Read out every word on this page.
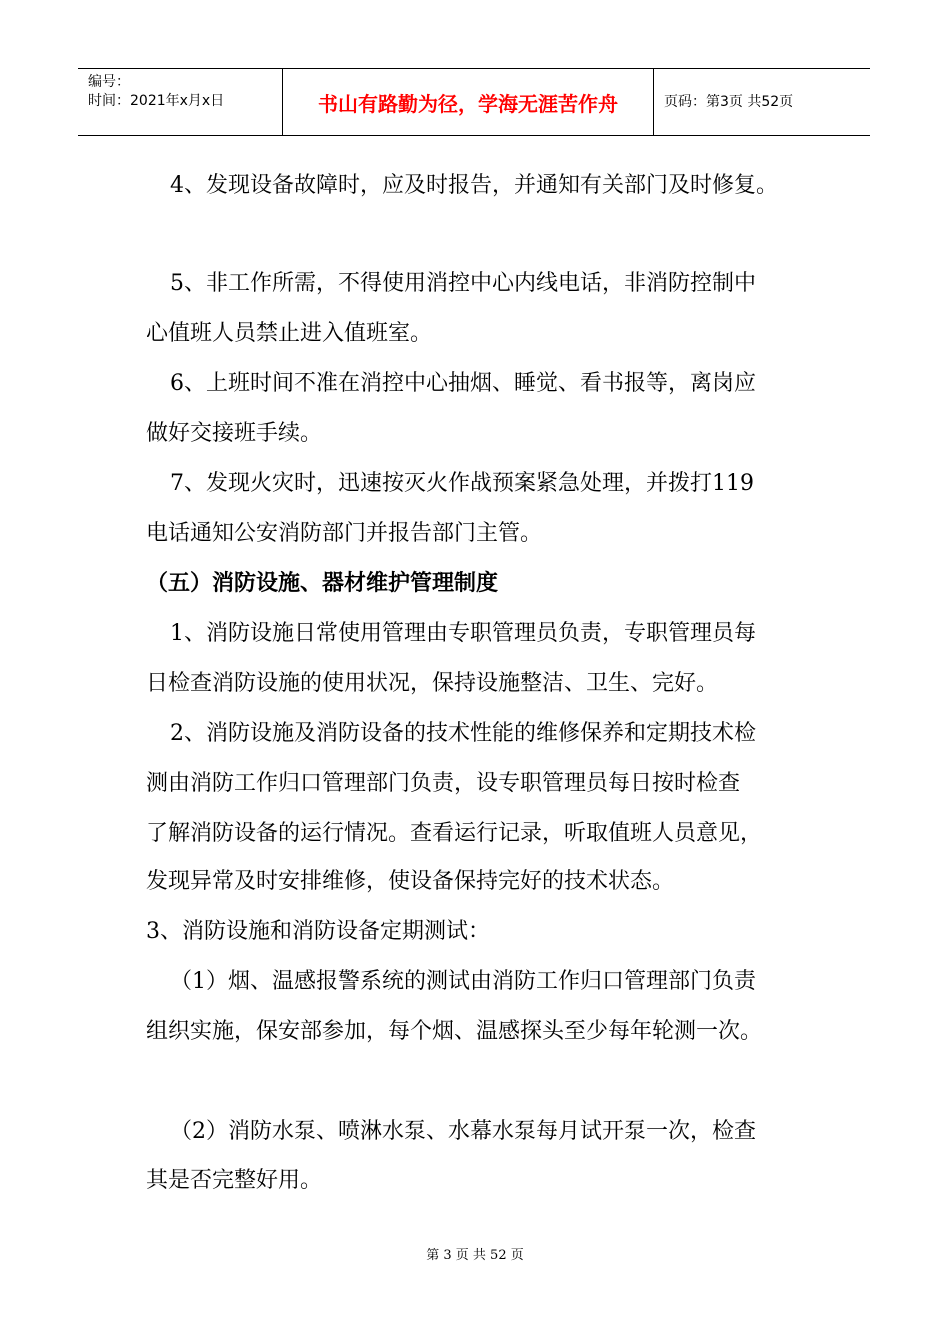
编号：
时间：2021年x月x日	书山有路勤为径，学海无涯苦作舟	页码：第3页 共52页
4、发现设备故障时，应及时报告，并通知有关部门及时修复。
5、非工作所需，不得使用消控中心内线电话，非消防控制中
心值班人员禁止进入值班室。
6、上班时间不准在消控中心抽烟、睡觉、看书报等，离岗应
做好交接班手续。
7、发现火灾时，迅速按灭火作战预案紧急处理，并拨打119
电话通知公安消防部门并报告部门主管。
（五）消防设施、器材维护管理制度
1、消防设施日常使用管理由专职管理员负责，专职管理员每
日检查消防设施的使用状况，保持设施整洁、卫生、完好。
2、消防设施及消防设备的技术性能的维修保养和定期技术检
测由消防工作归口管理部门负责，设专职管理员每日按时检查
了解消防设备的运行情况。查看运行记录，听取值班人员意见，
发现异常及时安排维修，使设备保持完好的技术状态。
3、消防设施和消防设备定期测试：
（1）烟、温感报警系统的测试由消防工作归口管理部门负责
组织实施，保安部参加，每个烟、温感探头至少每年轮测一次。
（2）消防水泵、喷淋水泵、水幕水泵每月试开泵一次，检查
其是否完整好用。
第 3 页 共 52 页
